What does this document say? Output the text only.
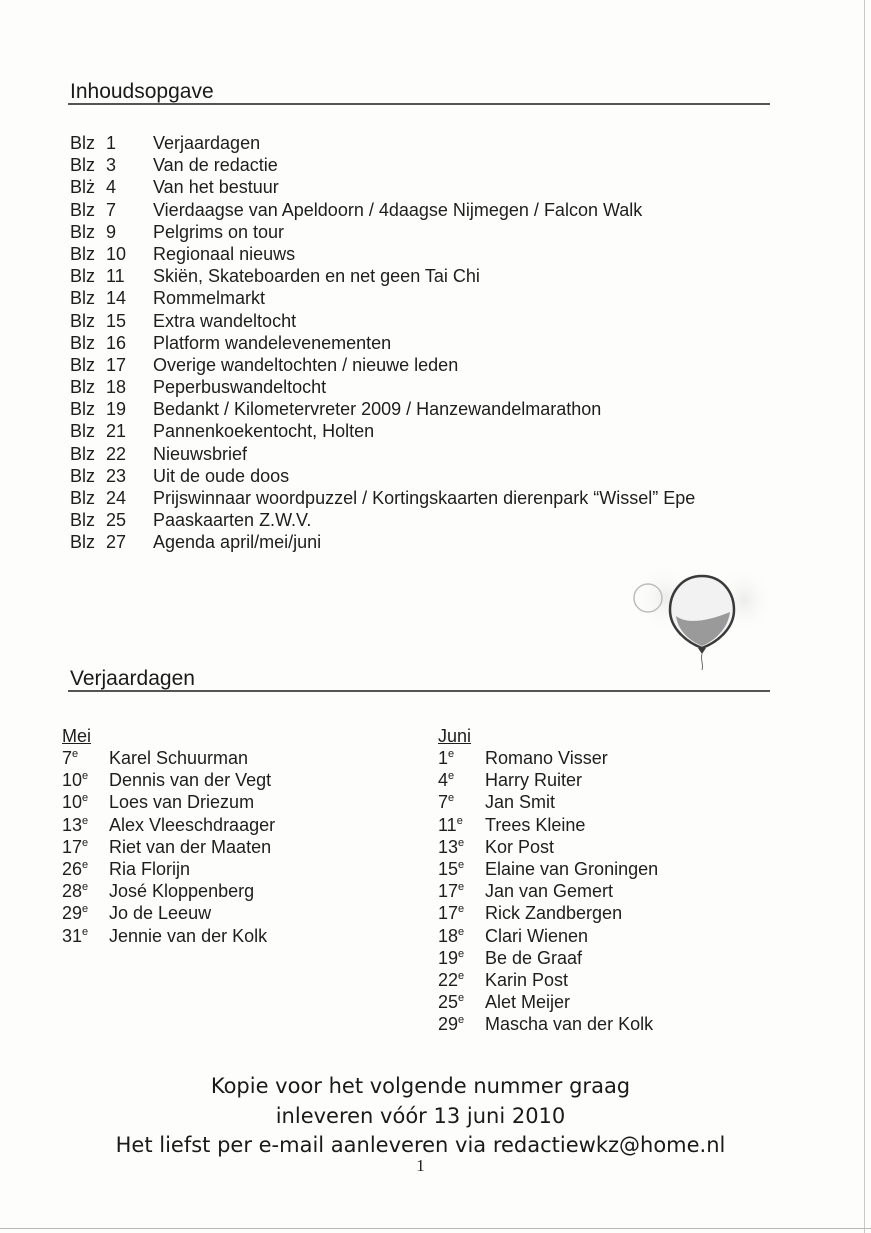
Inhoudsopgave
Blz 1	Verjaardagen
Blz 3	Van de redactie
Blż 4	Van het bestuur
Blz 7	Vierdaagse van Apeldoorn / 4daagse Nijmegen / Falcon Walk
Blz 9	Pelgrims on tour
Blz 10	Regionaal nieuws
Blz 11	Skiën, Skateboarden en net geen Tai Chi
Blz 14	Rommelmarkt
Blz 15	Extra wandeltocht
Blz 16	Platform wandelevenementen
Blz 17	Overige wandeltochten / nieuwe leden
Blz 18	Peperbuswandeltocht
Blz 19	Bedankt / Kilometervreter 2009 / Hanzewandelmarathon
Blz 21	Pannenkoekentocht, Holten
Blz 22	Nieuwsbrief
Blz 23	Uit de oude doos
Blz 24	Prijswinnaar woordpuzzel / Kortingskaarten dierenpark “Wissel” Epe
Blz 25	Paaskaarten Z.W.V.
Blz 27	Agenda april/mei/juni
Verjaardagen
Mei
7e	Karel Schuurman
10e	Dennis van der Vegt
10e	Loes van Driezum
13e	Alex Vleeschdraager
17e	Riet van der Maaten
26e	Ria Florijn
28e	José Kloppenberg
29e	Jo de Leeuw
31e	Jennie van der Kolk
Juni
1e	Romano Visser
4e	Harry Ruiter
7e	Jan Smit
11e	Trees Kleine
13e	Kor Post
15e	Elaine van Groningen
17e	Jan van Gemert
17e	Rick Zandbergen
18e	Clari Wienen
19e	Be de Graaf
22e	Karin Post
25e	Alet Meijer
29e	Mascha van der Kolk
Kopie voor het volgende nummer graag
inleveren vóór 13 juni 2010
Het liefst per e-mail aanleveren via redactiewkz@home.nl
1
